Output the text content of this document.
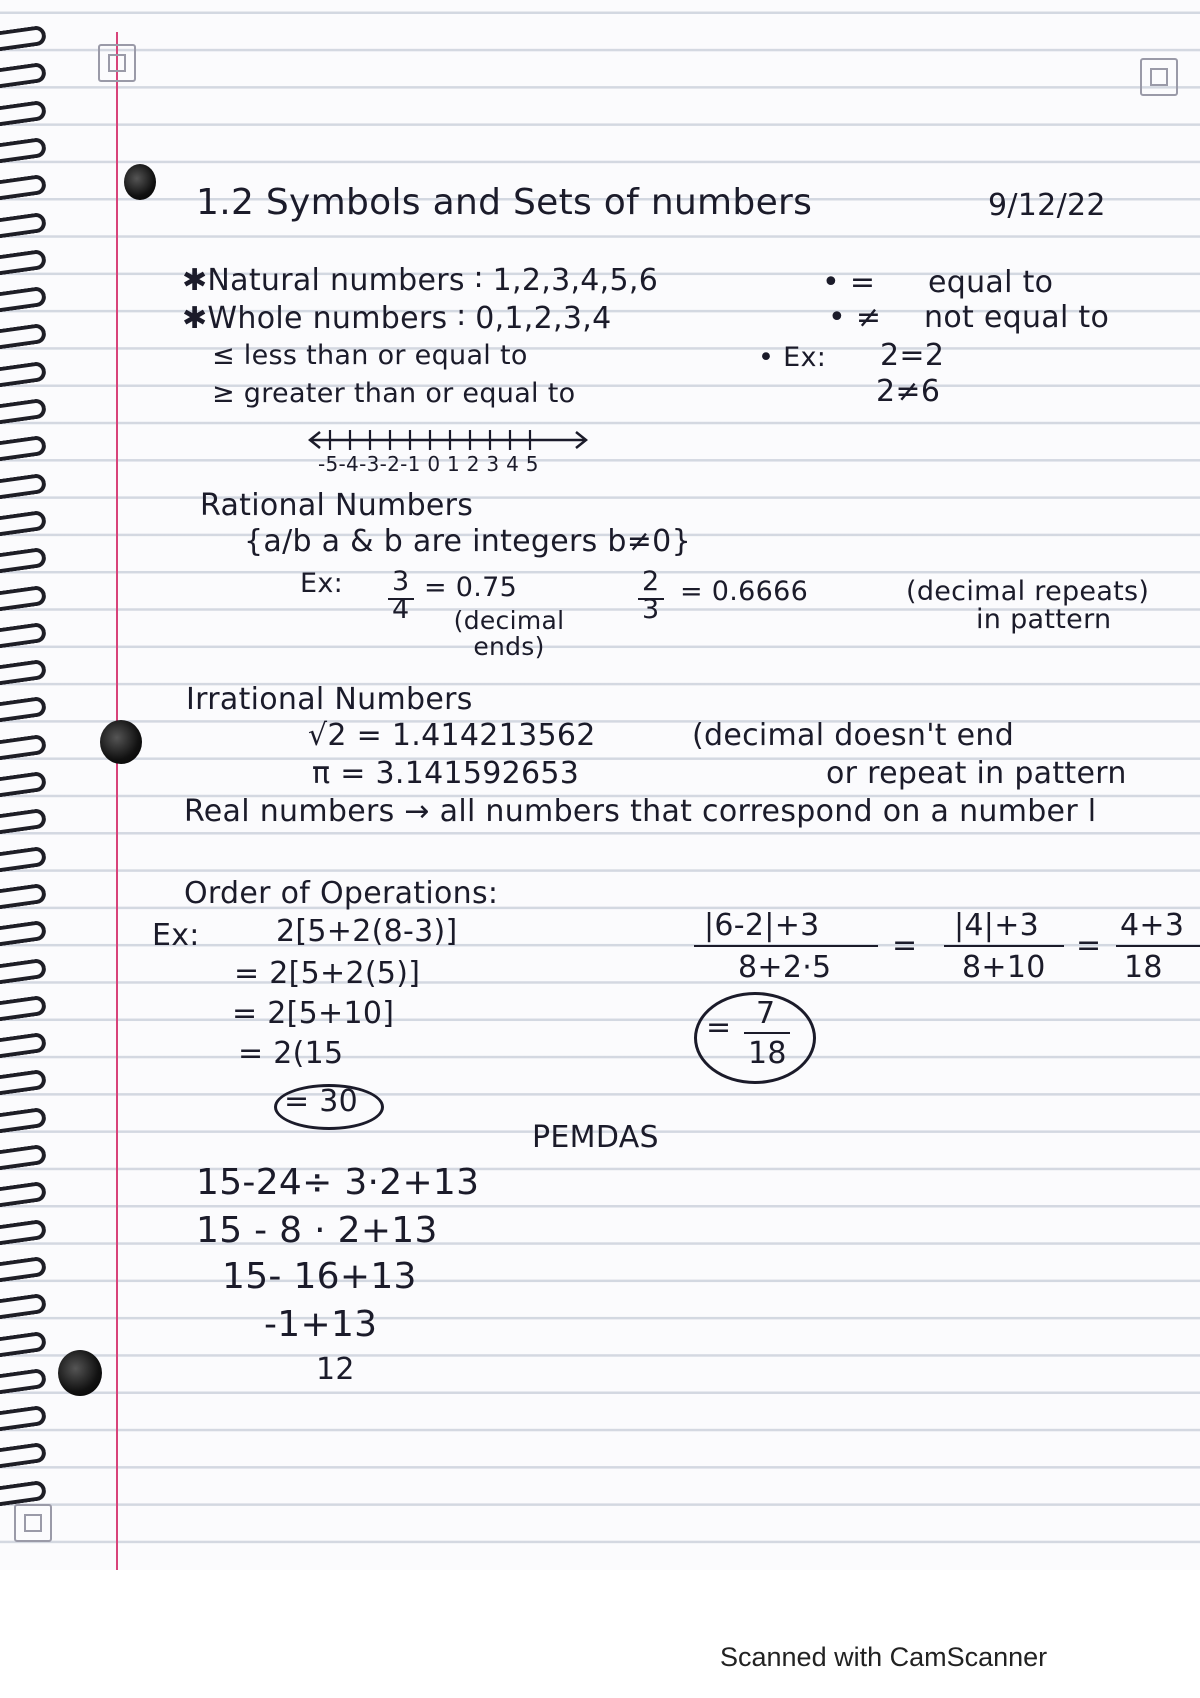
1.2 Symbols and Sets of numbers	9/12/22
✱Natural numbers ∶ 1,2,3,4,5,6
✱Whole numbers ∶ 0,1,2,3,4
≤ less than or equal to
≥ greater than or equal to
• = equal to
• ≠ not equal to
• Ex: 2=2
2≠6
-5-4-3-2-1 0 1 2 3 4 5
Rational Numbers
{a/b a & b are integers b≠0}
Ex: 3
4
= 0.75
(decimal ends)
2
3
= 0.6666	(decimal repeats)
in pattern
Irrational Numbers
√2 = 1.414213562	(decimal doesn't end
π = 3.141592653	or repeat in pattern
Real numbers → all numbers that correspond on a number l
Order of Operations:
Ex:	2[5+2(8-3)]
= 2[5+2(5)]
= 2[5+10]
= 2(15
= 30
|6-2|+3
8+2·5
=
|4|+3
8+10
=
4+3
18
= 7
18
PEMDAS
15-24÷ 3·2+13
15 - 8 · 2+13
15- 16+13
-1+13
12
Scanned with CamScanner
